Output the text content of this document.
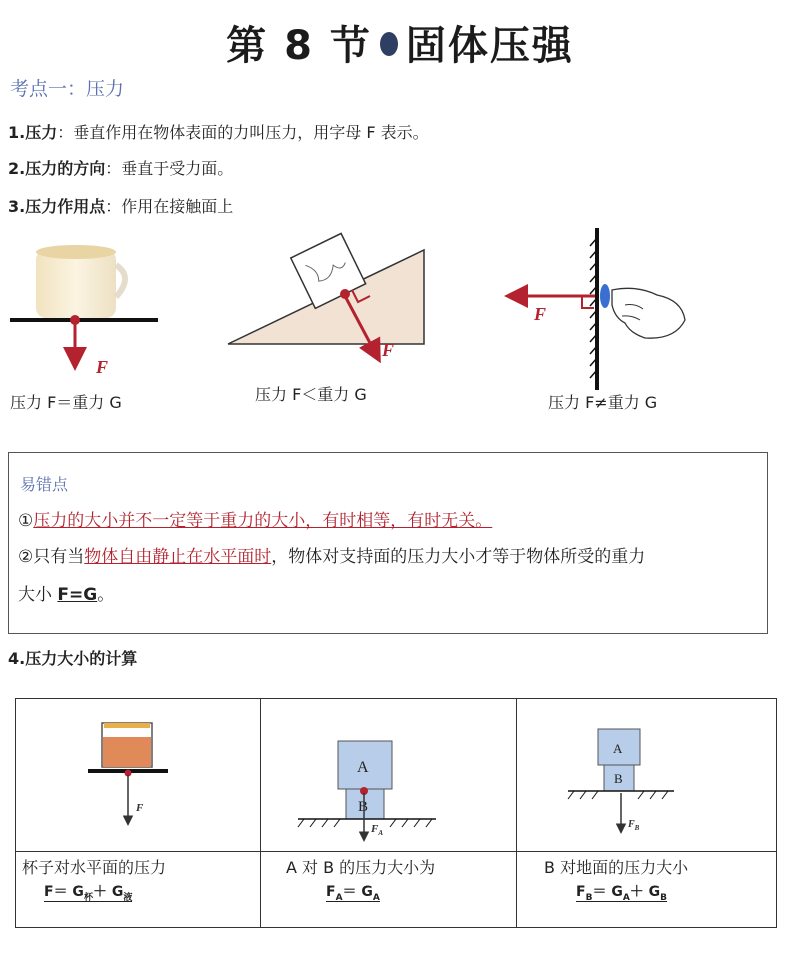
第 8 节 固体压强
考点一：压力
1.压力：垂直作用在物体表面的力叫压力，用字母 F 表示。
2.压力的方向：垂直于受力面。
3.压力作用点：作用在接触面上
F
F
F
压力 F＝重力 G	压力 F＜重力 G	压力 F≠重力 G
易错点
①压力的大小并不一定等于重力的大小，有时相等，有时无关。
②只有当物体自由静止在水平面时，物体对支持面的压力大小才等于物体所受的重力
大小 F=G。
4.压力大小的计算
F
A
B
$F_A$
A
B
$F_B$
杯子对水平面的压力	A 对 B 的压力大小为	B 对地面的压力大小
$F= G_杯+ G_液$	$F_A= G_A$	$F_B= G_A+ G_B$
